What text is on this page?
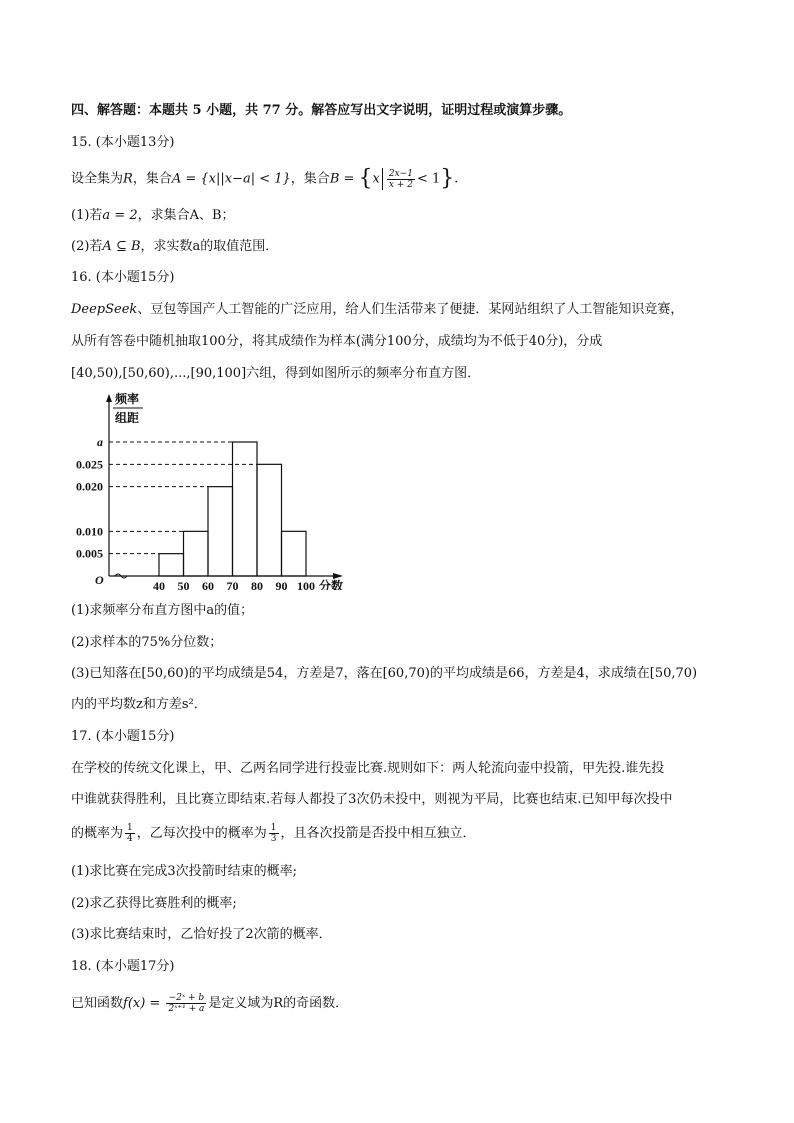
四、解答题：本题共 5 小题，共 77 分。解答应写出文字说明，证明过程或演算步骤。
15. (本小题13分)
设全集为R，集合A = {x||x−a| < 1}，集合$B = \{x \frac{2x-1}{x + 2} < 1\}$.
(1)若a = 2，求集合A、B；
(2)若A ⊆ B，求实数a的取值范围．
16. (本小题15分)
DeepSeek、豆包等国产人工智能的广泛应用，给人们生活带来了便捷．某网站组织了人工智能知识竞赛，
从所有答卷中随机抽取100分，将其成绩作为样本(满分100分，成绩均为不低于40分)，分成
[40,50),[50,60),...,[90,100]六组，得到如图所示的频率分布直方图．
频率
组距
a
0.025
0.020
0.010
0.005
O	40 50 60 70 80 90 100 分数
(1)求频率分布直方图中a的值；
(2)求样本的75%分位数；
(3)已知落在[50,60)的平均成绩是54，方差是7，落在[60,70)的平均成绩是66，方差是4，求成绩在[50,70)
内的平均数z和方差s²．
17. (本小题15分)
在学校的传统文化课上，甲、乙两名同学进行投壶比赛.规则如下：两人轮流向壶中投箭，甲先投.谁先投
中谁就获得胜利，且比赛立即结束.若每人都投了3次仍未投中，则视为平局，比赛也结束.已知甲每次投中
的概率为 $\frac{1}{4}$ ，乙每次投中的概率为 $\frac{1}{3}$ ，且各次投箭是否投中相互独立．
(1)求比赛在完成3次投箭时结束的概率;
(2)求乙获得比赛胜利的概率;
(3)求比赛结束时，乙恰好投了2次箭的概率．
18. (本小题17分)
已知函数$f(x) = \frac{\text{−2ˣ + b}}{\text{2ˣ⁺¹ + a}}$ 是定义域为R的奇函数．
